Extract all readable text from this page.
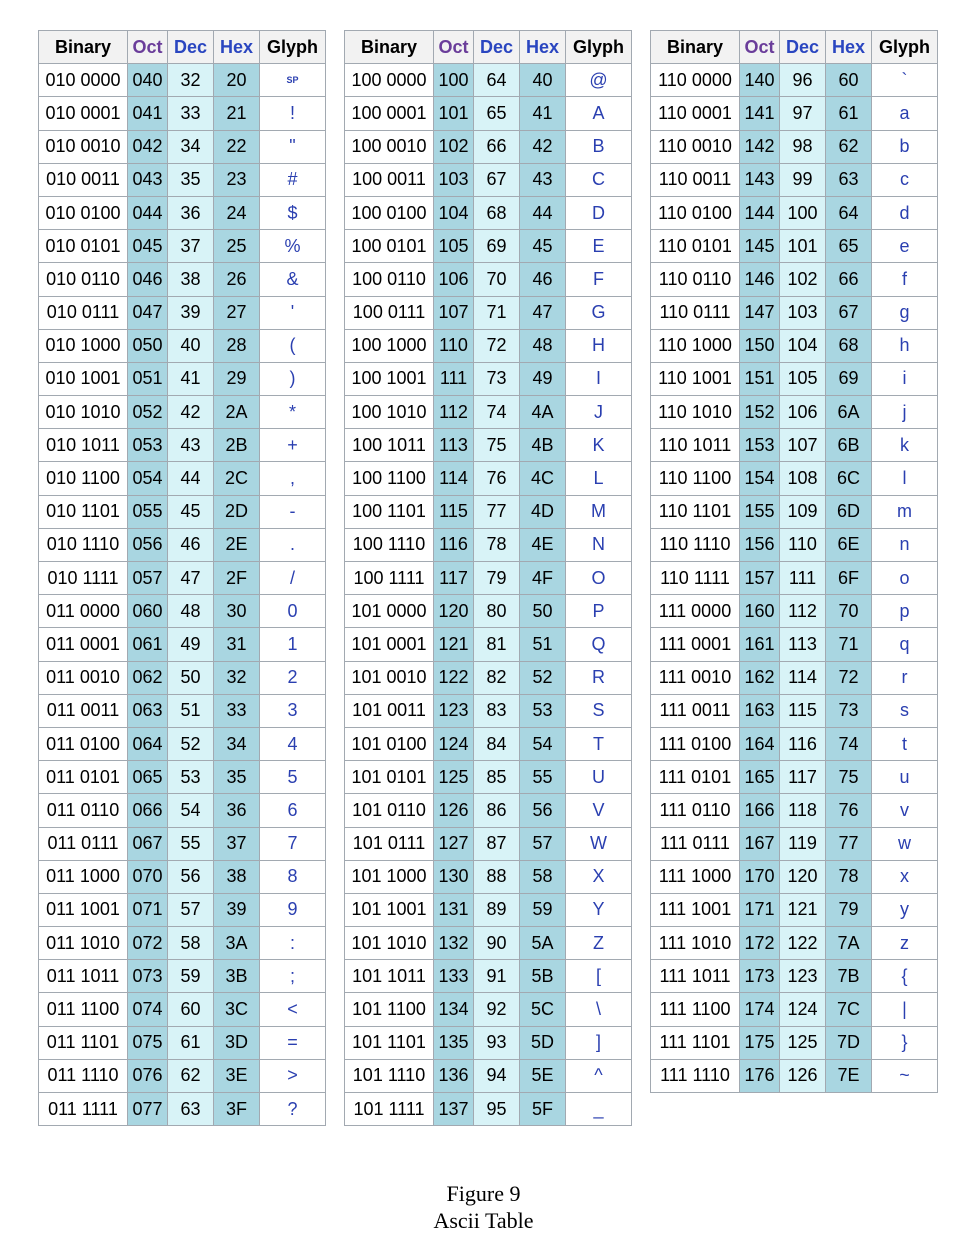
Binary	Oct	Dec	Hex	Glyph
010 0000	040	32	20	SP
010 0001	041	33	21	!
010 0010	042	34	22	"
010 0011	043	35	23	#
010 0100	044	36	24	$
010 0101	045	37	25	%
010 0110	046	38	26	&
010 0111	047	39	27	'
010 1000	050	40	28	(
010 1001	051	41	29	)
010 1010	052	42	2A	*
010 1011	053	43	2B	+
010 1100	054	44	2C	,
010 1101	055	45	2D	-
010 1110	056	46	2E	.
010 1111	057	47	2F	/
011 0000	060	48	30	0
011 0001	061	49	31	1
011 0010	062	50	32	2
011 0011	063	51	33	3
011 0100	064	52	34	4
011 0101	065	53	35	5
011 0110	066	54	36	6
011 0111	067	55	37	7
011 1000	070	56	38	8
011 1001	071	57	39	9
011 1010	072	58	3A	:
011 1011	073	59	3B	;
011 1100	074	60	3C	<
011 1101	075	61	3D	=
011 1110	076	62	3E	>
011 1111	077	63	3F	?
Binary	Oct	Dec	Hex	Glyph
100 0000	100	64	40	@
100 0001	101	65	41	A
100 0010	102	66	42	B
100 0011	103	67	43	C
100 0100	104	68	44	D
100 0101	105	69	45	E
100 0110	106	70	46	F
100 0111	107	71	47	G
100 1000	110	72	48	H
100 1001	111	73	49	I
100 1010	112	74	4A	J
100 1011	113	75	4B	K
100 1100	114	76	4C	L
100 1101	115	77	4D	M
100 1110	116	78	4E	N
100 1111	117	79	4F	O
101 0000	120	80	50	P
101 0001	121	81	51	Q
101 0010	122	82	52	R
101 0011	123	83	53	S
101 0100	124	84	54	T
101 0101	125	85	55	U
101 0110	126	86	56	V
101 0111	127	87	57	W
101 1000	130	88	58	X
101 1001	131	89	59	Y
101 1010	132	90	5A	Z
101 1011	133	91	5B	[
101 1100	134	92	5C	\
101 1101	135	93	5D	]
101 1110	136	94	5E	^
101 1111	137	95	5F	_
Binary	Oct	Dec	Hex	Glyph
110 0000	140	96	60	`
110 0001	141	97	61	a
110 0010	142	98	62	b
110 0011	143	99	63	c
110 0100	144	100	64	d
110 0101	145	101	65	e
110 0110	146	102	66	f
110 0111	147	103	67	g
110 1000	150	104	68	h
110 1001	151	105	69	i
110 1010	152	106	6A	j
110 1011	153	107	6B	k
110 1100	154	108	6C	l
110 1101	155	109	6D	m
110 1110	156	110	6E	n
110 1111	157	111	6F	o
111 0000	160	112	70	p
111 0001	161	113	71	q
111 0010	162	114	72	r
111 0011	163	115	73	s
111 0100	164	116	74	t
111 0101	165	117	75	u
111 0110	166	118	76	v
111 0111	167	119	77	w
111 1000	170	120	78	x
111 1001	171	121	79	y
111 1010	172	122	7A	z
111 1011	173	123	7B	{
111 1100	174	124	7C	|
111 1101	175	125	7D	}
111 1110	176	126	7E	~
Figure 9
Ascii Table
